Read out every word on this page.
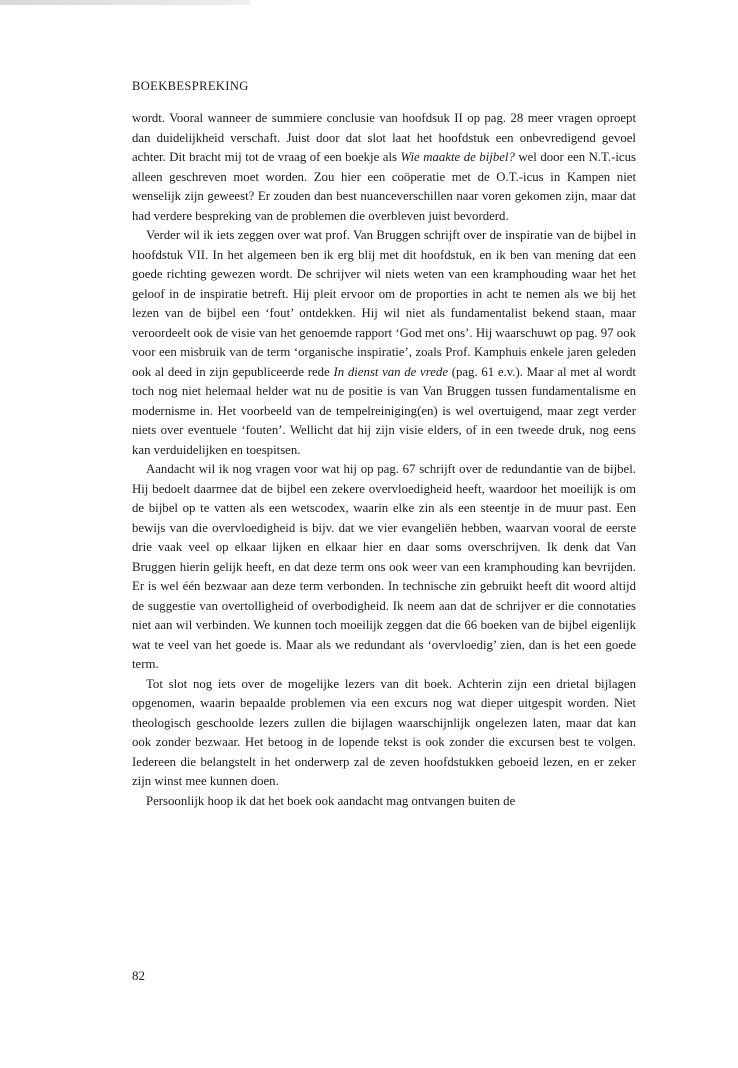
BOEKBESPREKING

wordt. Vooral wanneer de summiere conclusie van hoofdsuk II op pag. 28 meer vragen oproept dan duidelijkheid verschaft. Juist door dat slot laat het hoofdstuk een onbevredigend gevoel achter. Dit bracht mij tot de vraag of een boekje als Wie maakte de bijbel? wel door een N.T.-icus alleen geschreven moet worden. Zou hier een coöperatie met de O.T.-icus in Kampen niet wenselijk zijn geweest? Er zouden dan best nuanceverschillen naar voren gekomen zijn, maar dat had verdere bespreking van de problemen die overbleven juist bevorderd.

Verder wil ik iets zeggen over wat prof. Van Bruggen schrijft over de inspiratie van de bijbel in hoofdstuk VII. In het algemeen ben ik erg blij met dit hoofdstuk, en ik ben van mening dat een goede richting gewezen wordt. De schrijver wil niets weten van een kramphouding waar het het geloof in de inspiratie betreft. Hij pleit ervoor om de proporties in acht te nemen als we bij het lezen van de bijbel een ‘fout’ ontdekken. Hij wil niet als fundamentalist bekend staan, maar veroordeelt ook de visie van het genoemde rapport ‘God met ons’. Hij waarschuwt op pag. 97 ook voor een misbruik van de term ‘organische inspiratie’, zoals Prof. Kamphuis enkele jaren geleden ook al deed in zijn gepubliceerde rede In dienst van de vrede (pag. 61 e.v.). Maar al met al wordt toch nog niet helemaal helder wat nu de positie is van Van Bruggen tussen fundamentalisme en modernisme in. Het voorbeeld van de tempelreiniging(en) is wel overtuigend, maar zegt verder niets over eventuele ‘fouten’. Wellicht dat hij zijn visie elders, of in een tweede druk, nog eens kan verduidelijken en toespitsen.

Aandacht wil ik nog vragen voor wat hij op pag. 67 schrijft over de redundantie van de bijbel. Hij bedoelt daarmee dat de bijbel een zekere overvloedigheid heeft, waardoor het moeilijk is om de bijbel op te vatten als een wetscodex, waarin elke zin als een steentje in de muur past. Een bewijs van die overvloedigheid is bijv. dat we vier evangeliën hebben, waarvan vooral de eerste drie vaak veel op elkaar lijken en elkaar hier en daar soms overschrijven. Ik denk dat Van Bruggen hierin gelijk heeft, en dat deze term ons ook weer van een kramphouding kan bevrijden. Er is wel één bezwaar aan deze term verbonden. In technische zin gebruikt heeft dit woord altijd de suggestie van overtolligheid of overbodigheid. Ik neem aan dat de schrijver er die connotaties niet aan wil verbinden. We kunnen toch moeilijk zeggen dat die 66 boeken van de bijbel eigenlijk wat te veel van het goede is. Maar als we redundant als ‘overvloedig’ zien, dan is het een goede term.

Tot slot nog iets over de mogelijke lezers van dit boek. Achterin zijn een drietal bijlagen opgenomen, waarin bepaalde problemen via een excurs nog wat dieper uitgespit worden. Niet theologisch geschoolde lezers zullen die bijlagen waarschijnlijk ongelezen laten, maar dat kan ook zonder bezwaar. Het betoog in de lopende tekst is ook zonder die excursen best te volgen. Iedereen die belangstelt in het onderwerp zal de zeven hoofdstukken geboeid lezen, en er zeker zijn winst mee kunnen doen.

Persoonlijk hoop ik dat het boek ook aandacht mag ontvangen buiten de

82
